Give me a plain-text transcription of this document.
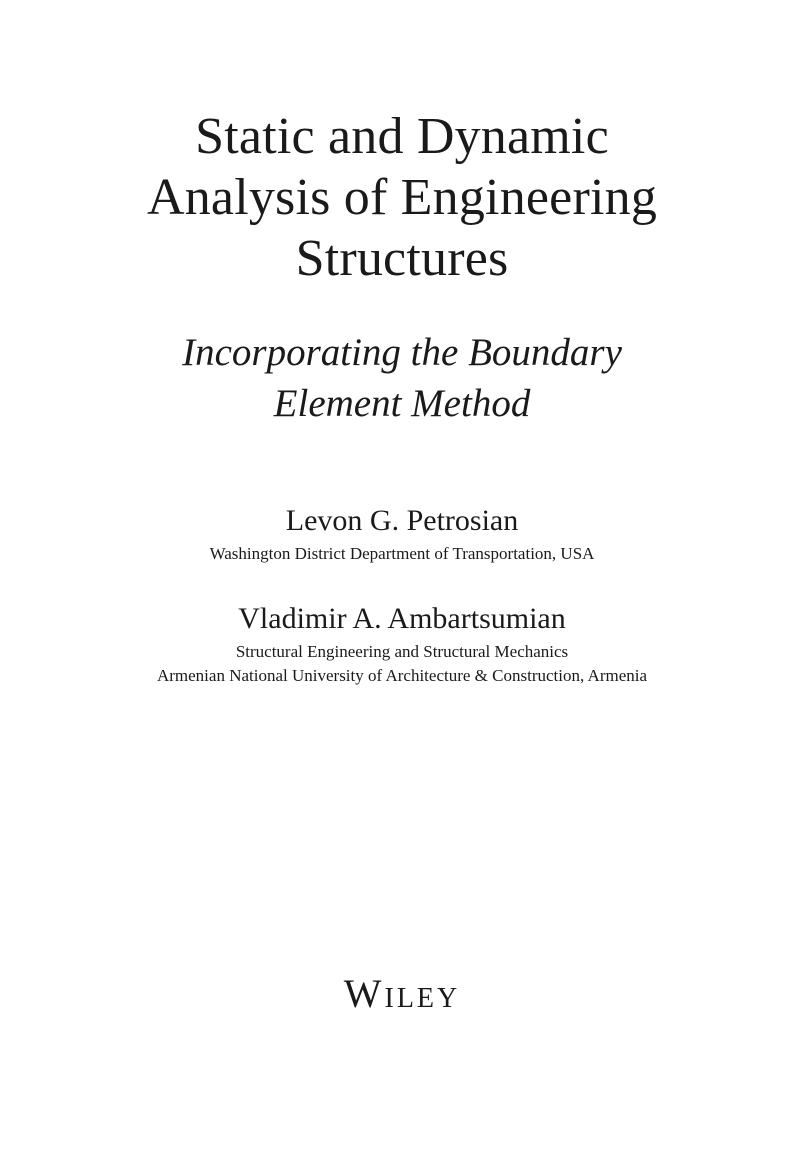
Static and Dynamic
Analysis of Engineering
Structures
Incorporating the Boundary
Element Method
Levon G. Petrosian
Washington District Department of Transportation, USA
Vladimir A. Ambartsumian
Structural Engineering and Structural Mechanics
Armenian National University of Architecture & Construction, Armenia
Wiley
